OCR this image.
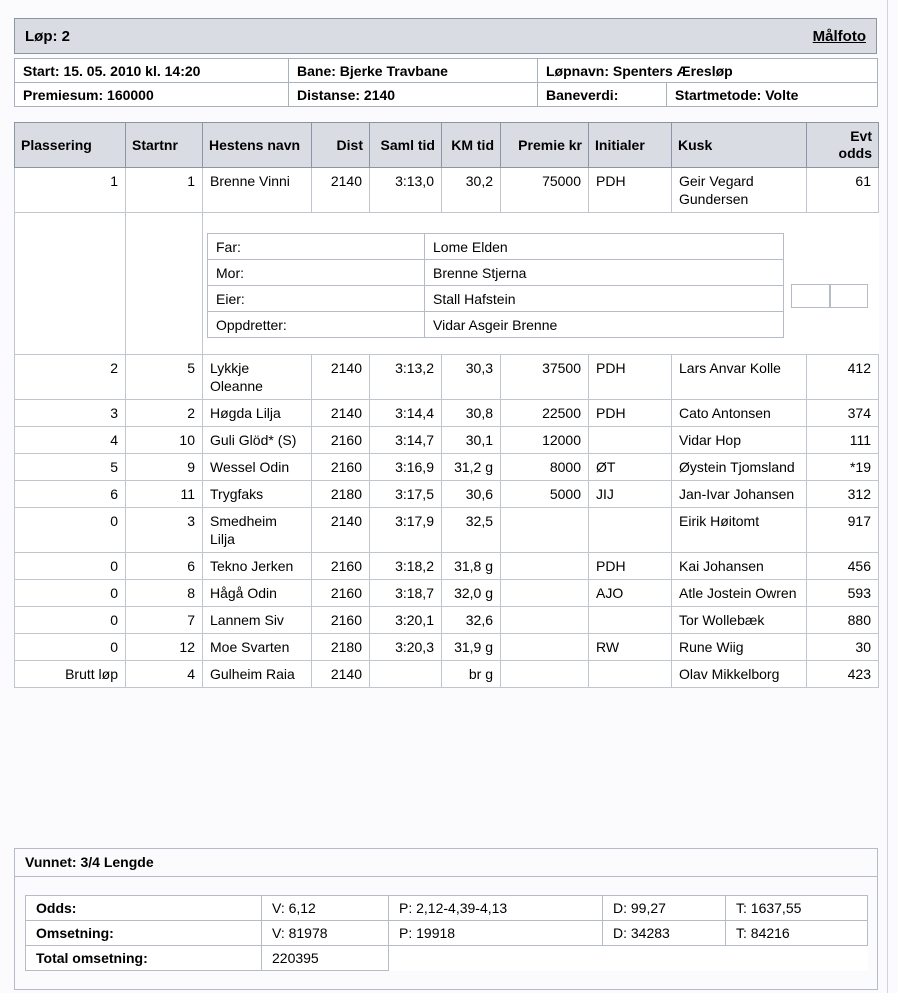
Løp: 2	Målfoto
Start: 15. 05. 2010 kl. 14:20	Bane: Bjerke Travbane	Løpnavn: Spenters Æresløp	
Premiesum: 160000	Distanse: 2140	Baneverdi:	Startmetode: Volte
Plassering	Startnr	Hestens navn	Dist	Saml tid	KM tid	Premie kr	Initialer	Kusk	Evt odds
1	1	Brenne Vinni	2140	3:13,0	30,2	75000	PDH	Geir Vegard Gundersen	61

Far:	Lome Elden
Mor:	Brenne Stjerna
Eier:	Stall Hafstein
Oppdretter:	Vidar Asgeir Brenne

2	5	Lykkje Oleanne	2140	3:13,2	30,3	37500	PDH	Lars Anvar Kolle	412
3	2	Høgda Lilja	2140	3:14,4	30,8	22500	PDH	Cato Antonsen	374
4	10	Guli Glöd* (S)	2160	3:14,7	30,1	12000		Vidar Hop	111
5	9	Wessel Odin	2160	3:16,9	31,2 g	8000	ØT	Øystein Tjomsland	*19
6	11	Trygfaks	2180	3:17,5	30,6	5000	JIJ	Jan-Ivar Johansen	312
0	3	Smedheim Lilja	2140	3:17,9	32,5			Eirik Høitomt	917
0	6	Tekno Jerken	2160	3:18,2	31,8 g		PDH	Kai Johansen	456
0	8	Hågå Odin	2160	3:18,7	32,0 g		AJO	Atle Jostein Owren	593
0	7	Lannem Siv	2160	3:20,1	32,6			Tor Wollebæk	880
0	12	Moe Svarten	2180	3:20,3	31,9 g		RW	Rune Wiig	30
Brutt løp	4	Gulheim Raia	2140		br g			Olav Mikkelborg	423
Vunnet: 3/4 Lengde
Odds:	V: 6,12	P: 2,12-4,39-4,13	D: 99,27	T: 1637,55
Omsetning:	V: 81978	P: 19918	D: 34283	T: 84216
Total omsetning:	220395			
